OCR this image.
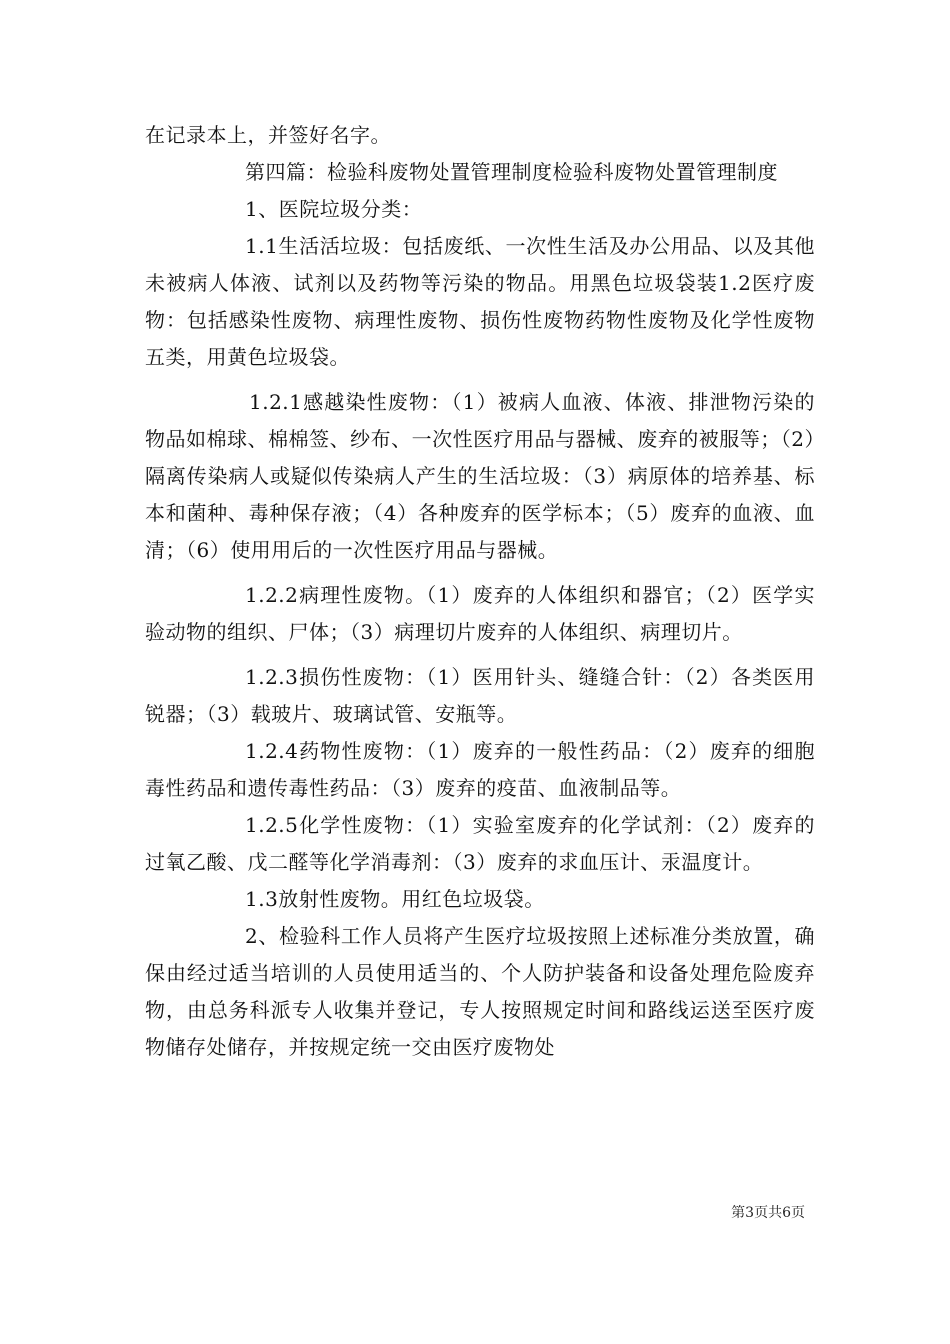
在记录本上，并签好名字。

第四篇：检验科废物处置管理制度检验科废物处置管理制度

1、医院垃圾分类：

1.1生活活垃圾：包括废纸、一次性生活及办公用品、以及其他未被病人体液、试剂以及药物等污染的物品。用黑色垃圾袋装1.2医疗废物：包括感染性废物、病理性废物、损伤性废物药物性废物及化学性废物五类，用黄色垃圾袋。

1.2.1感越染性废物：（1）被病人血液、体液、排泄物污染的物品如棉球、棉棉签、纱布、一次性医疗用品与器械、废弃的被服等；（2）隔离传染病人或疑似传染病人产生的生活垃圾：（3）病原体的培养基、标本和菌种、毒种保存液；（4）各种废弃的医学标本；（5）废弃的血液、血清；（6）使用用后的一次性医疗用品与器械。

1.2.2病理性废物。（1）废弃的人体组织和器官；（2）医学实验动物的组织、尸体；（3）病理切片废弃的人体组织、病理切片。

1.2.3损伤性废物：（1）医用针头、缝缝合针：（2）各类医用锐器；（3）载玻片、玻璃试管、安瓶等。

1.2.4药物性废物：（1）废弃的一般性药品：（2）废弃的细胞毒性药品和遗传毒性药品：（3）废弃的疫苗、血液制品等。

1.2.5化学性废物：（1）实验室废弃的化学试剂：（2）废弃的过氧乙酸、戊二醛等化学消毒剂：（3）废弃的求血压计、汞温度计。

1.3放射性废物。用红色垃圾袋。

2、检验科工作人员将产生医疗垃圾按照上述标准分类放置，确保由经过适当培训的人员使用适当的、个人防护装备和设备处理危险废弃物，由总务科派专人收集并登记，专人按照规定时间和路线运送至医疗废物储存处储存，并按规定统一交由医疗废物处

第3页共6页
